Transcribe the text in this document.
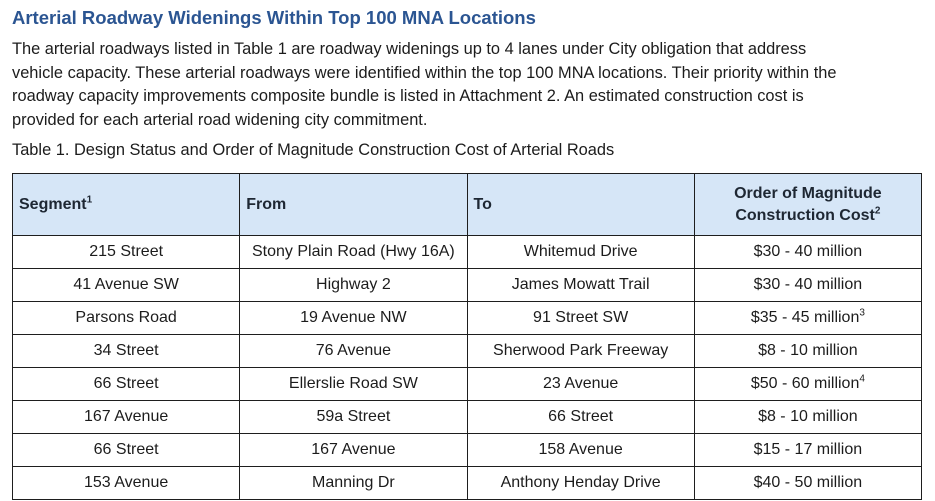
Arterial Roadway Widenings Within Top 100 MNA Locations
The arterial roadways listed in Table 1 are roadway widenings up to 4 lanes under City obligation that address
vehicle capacity. These arterial roadways were identified within the top 100 MNA locations. Their priority within the
roadway capacity improvements composite bundle is listed in Attachment 2. An estimated construction cost is
provided for each arterial road widening city commitment.
Table 1. Design Status and Order of Magnitude Construction Cost of Arterial Roads
Segment$^1$	From	To	Order of Magnitude
Construction Cost$^2$
215 Street	Stony Plain Road (Hwy 16A)	Whitemud Drive	$30 - 40 million
41 Avenue SW	Highway 2	James Mowatt Trail	$30 - 40 million
Parsons Road	19 Avenue NW	91 Street SW	$35 - 45 million$^3$
34 Street	76 Avenue	Sherwood Park Freeway	$8 - 10 million
66 Street	Ellerslie Road SW	23 Avenue	$50 - 60 million$^4$
167 Avenue	59a Street	66 Street	$8 - 10 million
66 Street	167 Avenue	158 Avenue	$15 - 17 million
153 Avenue	Manning Dr	Anthony Henday Drive	$40 - 50 million
